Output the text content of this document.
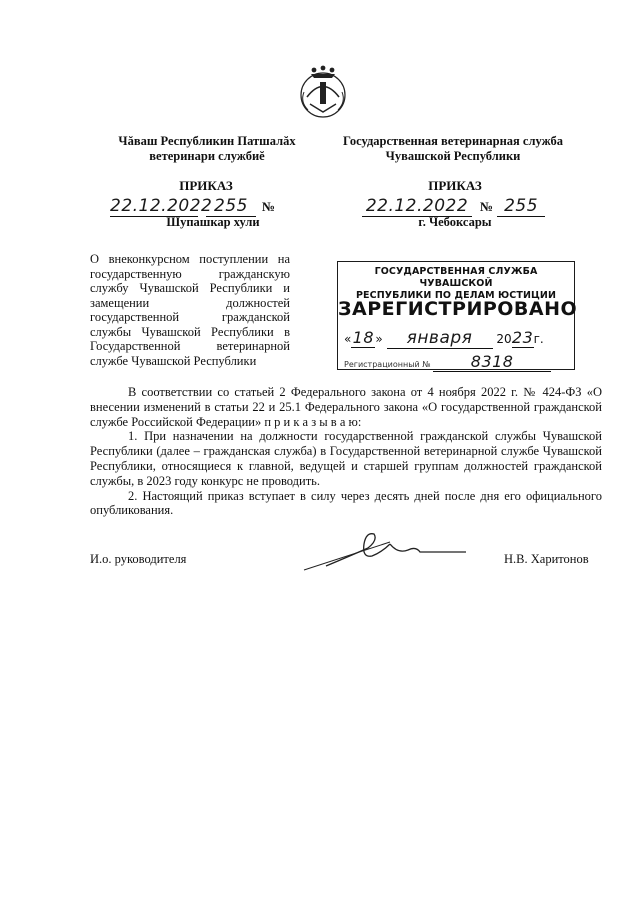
Чăваш Республикин Патшалăх
ветеринари службиĕ
Государственная ветеринарная служба
Чувашской Республики
ПРИКАЗ	ПРИКАЗ
22.12.2022 255 №
Шупашкар хули
22.12.2022 № 255
г. Чебоксары
О внеконкурсном поступлении на государственную гражданскую службу Чувашской Республики и замещении должностей государственной гражданской службы Чувашской Республики в Государственной ветеринарной службе Чувашской Республики
ГОСУДАРСТВЕННАЯ СЛУЖБА ЧУВАШСКОЙ
РЕСПУБЛИКИ ПО ДЕЛАМ ЮСТИЦИИ
ЗАРЕГИСТРИРОВАНО
«18» января 2023г.
Регистрационный №	8318

В соответствии со статьей 2 Федерального закона от 4 ноября 2022 г. № 424-ФЗ «О внесении изменений в статьи 22 и 25.1 Федерального закона «О государственной гражданской службе Российской Федерации» п р и к а з ы в а ю:

1. При назначении на должности государственной гражданской службы Чувашской Республики (далее – гражданская служба) в Государственной ветеринарной службе Чувашской Республики, относящиеся к главной, ведущей и старшей группам должностей гражданской службы, в 2023 году конкурс не проводить.

2. Настоящий приказ вступает в силу через десять дней после дня его официального опубликования.

И.о. руководителя	Н.В. Харитонов
